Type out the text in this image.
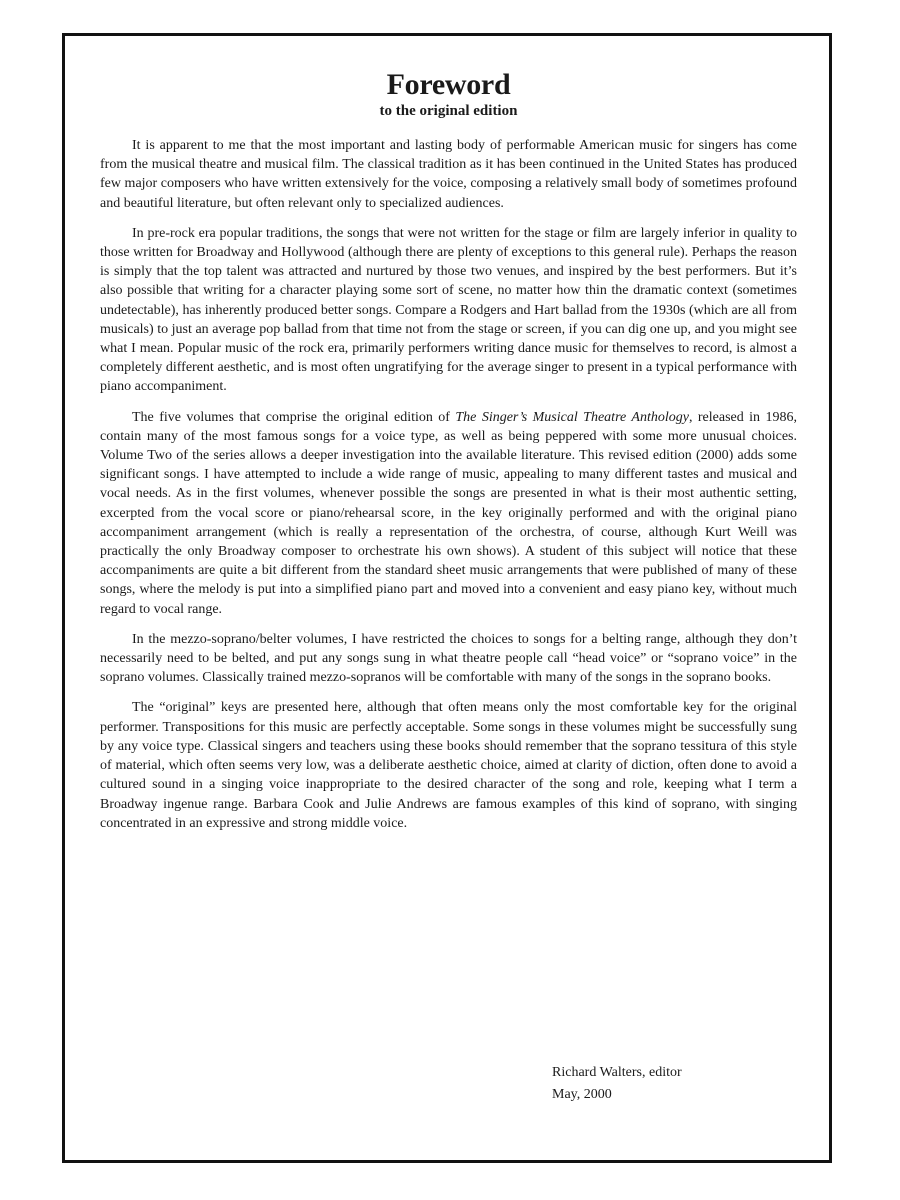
Foreword
to the original edition

It is apparent to me that the most important and lasting body of performable American music for singers has come from the musical theatre and musical film. The classical tradition as it has been continued in the United States has produced few major composers who have written extensively for the voice, composing a relatively small body of sometimes profound and beautiful literature, but often relevant only to specialized audiences.

In pre-rock era popular traditions, the songs that were not written for the stage or film are largely inferior in quality to those written for Broadway and Hollywood (although there are plenty of exceptions to this general rule). Perhaps the reason is simply that the top talent was attracted and nurtured by those two venues, and inspired by the best performers. But it’s also possible that writing for a character playing some sort of scene, no matter how thin the dramatic context (sometimes undetectable), has inherently produced better songs. Compare a Rodgers and Hart ballad from the 1930s (which are all from musicals) to just an average pop ballad from that time not from the stage or screen, if you can dig one up, and you might see what I mean. Popular music of the rock era, primarily performers writing dance music for themselves to record, is almost a completely different aesthetic, and is most often ungratifying for the average singer to present in a typical performance with piano accompaniment.

The five volumes that comprise the original edition of The Singer’s Musical Theatre Anthology, released in 1986, contain many of the most famous songs for a voice type, as well as being peppered with some more unusual choices. Volume Two of the series allows a deeper investigation into the available literature. This revised edition (2000) adds some significant songs. I have attempted to include a wide range of music, appealing to many different tastes and musical and vocal needs. As in the first volumes, whenever possible the songs are presented in what is their most authentic setting, excerpted from the vocal score or piano/rehearsal score, in the key originally performed and with the original piano accompaniment arrangement (which is really a representation of the orchestra, of course, although Kurt Weill was practically the only Broadway composer to orchestrate his own shows). A student of this subject will notice that these accompaniments are quite a bit different from the standard sheet music arrangements that were published of many of these songs, where the melody is put into a simplified piano part and moved into a convenient and easy piano key, without much regard to vocal range.

In the mezzo-soprano/belter volumes, I have restricted the choices to songs for a belting range, although they don’t necessarily need to be belted, and put any songs sung in what theatre people call “head voice” or “soprano voice” in the soprano volumes. Classically trained mezzo-sopranos will be comfortable with many of the songs in the soprano books.

The “original” keys are presented here, although that often means only the most comfortable key for the original performer. Transpositions for this music are perfectly acceptable. Some songs in these volumes might be successfully sung by any voice type. Classical singers and teachers using these books should remember that the soprano tessitura of this style of material, which often seems very low, was a deliberate aesthetic choice, aimed at clarity of diction, often done to avoid a cultured sound in a singing voice inappropriate to the desired character of the song and role, keeping what I term a Broadway ingenue range. Barbara Cook and Julie Andrews are famous examples of this kind of soprano, with singing concentrated in an expressive and strong middle voice.

Richard Walters, editor
May, 2000
